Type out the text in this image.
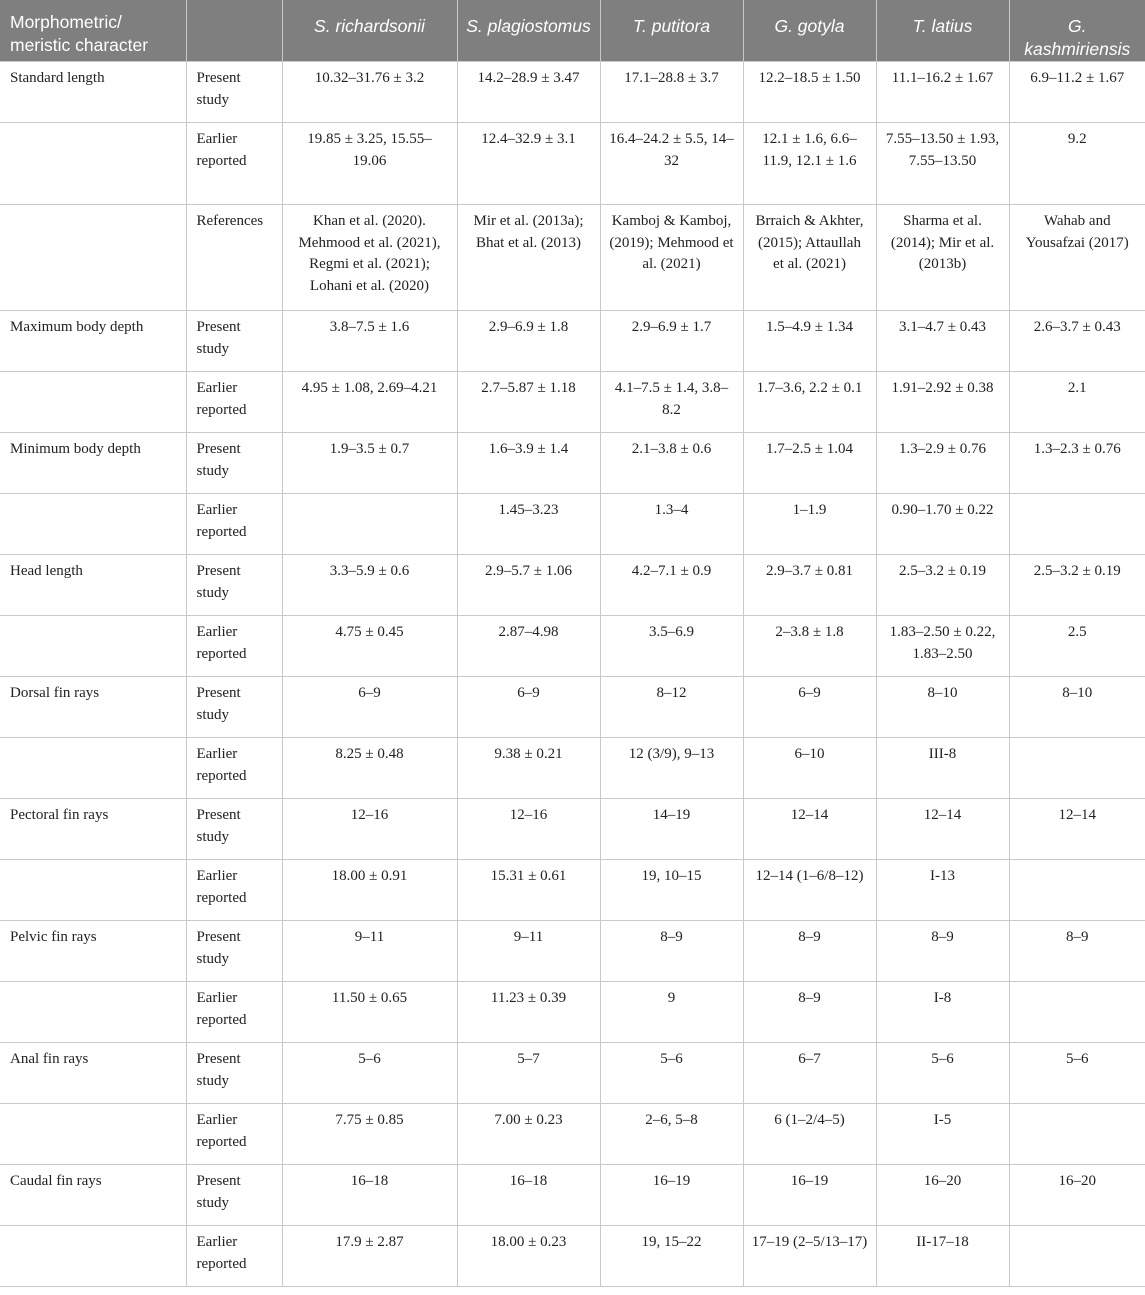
Morphometric/ meristic character		S. richardsonii	S. plagiostomus	T. putitora	G. gotyla	T. latius	G. kashmiriensis
Standard length	Present study	10.32–31.76 ± 3.2	14.2–28.9 ± 3.47	17.1–28.8 ± 3.7	12.2–18.5 ± 1.50	11.1–16.2 ± 1.67	6.9–11.2 ± 1.67
	Earlier reported	19.85 ± 3.25, 15.55–19.06	12.4–32.9 ± 3.1	16.4–24.2 ± 5.5, 14–32	12.1 ± 1.6, 6.6–11.9, 12.1 ± 1.6	7.55–13.50 ± 1.93, 7.55–13.50	9.2
	References	Khan et al. (2020). Mehmood et al. (2021), Regmi et al. (2021); Lohani et al. (2020)	Mir et al. (2013a); Bhat et al. (2013)	Kamboj & Kamboj, (2019); Mehmood et al. (2021)	Brraich & Akhter, (2015); Attaullah et al. (2021)	Sharma et al. (2014); Mir et al. (2013b)	Wahab and Yousafzai (2017)
Maximum body depth	Present study	3.8–7.5 ± 1.6	2.9–6.9 ± 1.8	2.9–6.9 ± 1.7	1.5–4.9 ± 1.34	3.1–4.7 ± 0.43	2.6–3.7 ± 0.43
	Earlier reported	4.95 ± 1.08, 2.69–4.21	2.7–5.87 ± 1.18	4.1–7.5 ± 1.4, 3.8–8.2	1.7–3.6, 2.2 ± 0.1	1.91–2.92 ± 0.38	2.1
Minimum body depth	Present study	1.9–3.5 ± 0.7	1.6–3.9 ± 1.4	2.1–3.8 ± 0.6	1.7–2.5 ± 1.04	1.3–2.9 ± 0.76	1.3–2.3 ± 0.76
	Earlier reported		1.45–3.23	1.3–4	1–1.9	0.90–1.70 ± 0.22	
Head length	Present study	3.3–5.9 ± 0.6	2.9–5.7 ± 1.06	4.2–7.1 ± 0.9	2.9–3.7 ± 0.81	2.5–3.2 ± 0.19	2.5–3.2 ± 0.19
	Earlier reported	4.75 ± 0.45	2.87–4.98	3.5–6.9	2–3.8 ± 1.8	1.83–2.50 ± 0.22, 1.83–2.50	2.5
Dorsal fin rays	Present study	6–9	6–9	8–12	6–9	8–10	8–10
	Earlier reported	8.25 ± 0.48	9.38 ± 0.21	12 (3/9), 9–13	6–10	III-8	
Pectoral fin rays	Present study	12–16	12–16	14–19	12–14	12–14	12–14
	Earlier reported	18.00 ± 0.91	15.31 ± 0.61	19, 10–15	12–14 (1–6/8–12)	I-13	
Pelvic fin rays	Present study	9–11	9–11	8–9	8–9	8–9	8–9
	Earlier reported	11.50 ± 0.65	11.23 ± 0.39	9	8–9	I-8	
Anal fin rays	Present study	5–6	5–7	5–6	6–7	5–6	5–6
	Earlier reported	7.75 ± 0.85	7.00 ± 0.23	2–6, 5–8	6 (1–2/4–5)	I-5	
Caudal fin rays	Present study	16–18	16–18	16–19	16–19	16–20	16–20
	Earlier reported	17.9 ± 2.87	18.00 ± 0.23	19, 15–22	17–19 (2–5/13–17)	II-17–18	
